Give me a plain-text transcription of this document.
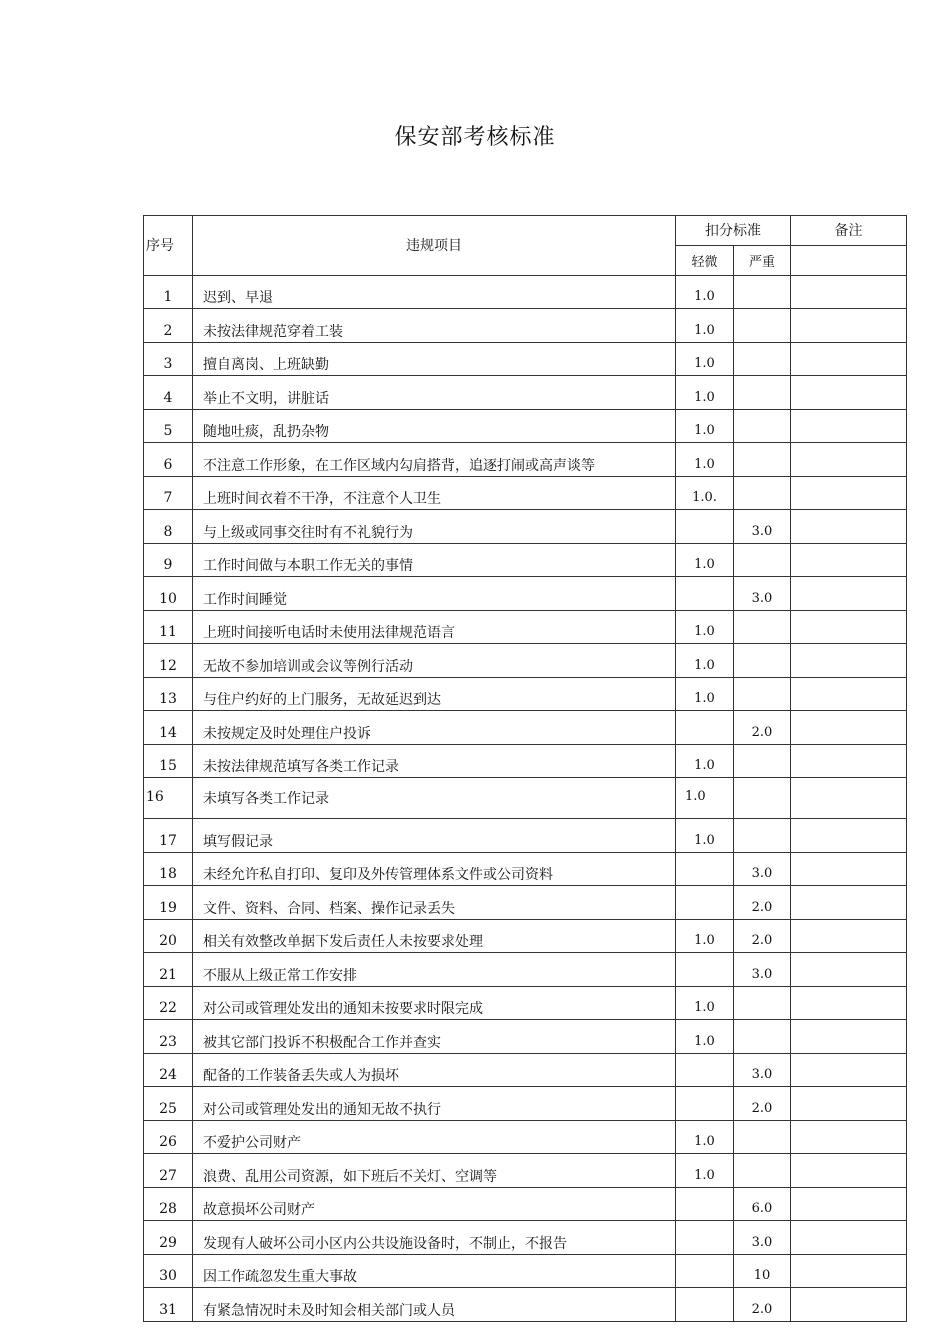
保安部考核标准
序号	违规项目	扣分标准		备注
		轻微	严重	
1	迟到、早退	1.0		
2	未按法律规范穿着工装	1.0		
3	擅自离岗、上班缺勤	1.0		
4	举止不文明，讲脏话	1.0		
5	随地吐痰，乱扔杂物	1.0		
6	不注意工作形象，在工作区域内勾肩搭背，追逐打闹或高声谈等	1.0		
7	上班时间衣着不干净，不注意个人卫生	1.0.		
8	与上级或同事交往时有不礼貌行为		3.0	
9	工作时间做与本职工作无关的事情	1.0		
10	工作时间睡觉		3.0	
11	上班时间接听电话时未使用法律规范语言	1.0		
12	无故不参加培训或会议等例行活动	1.0		
13	与住户约好的上门服务，无故延迟到达	1.0		
14	未按规定及时处理住户投诉		2.0	
15	未按法律规范填写各类工作记录	1.0		
16	未填写各类工作记录	1.0		
17	填写假记录	1.0		
18	未经允许私自打印、复印及外传管理体系文件或公司资料		3.0	
19	文件、资料、合同、档案、操作记录丢失		2.0	
20	相关有效整改单据下发后责任人未按要求处理	1.0	2.0	
21	不服从上级正常工作安排		3.0	
22	对公司或管理处发出的通知未按要求时限完成	1.0		
23	被其它部门投诉不积极配合工作并查实	1.0		
24	配备的工作装备丢失或人为损坏		3.0	
25	对公司或管理处发出的通知无故不执行		2.0	
26	不爱护公司财产	1.0		
27	浪费、乱用公司资源，如下班后不关灯、空调等	1.0		
28	故意损坏公司财产		6.0	
29	发现有人破坏公司小区内公共设施设备时，不制止，不报告		3.0	
30	因工作疏忽发生重大事故		10	
31	有紧急情况时未及时知会相关部门或人员		2.0	
